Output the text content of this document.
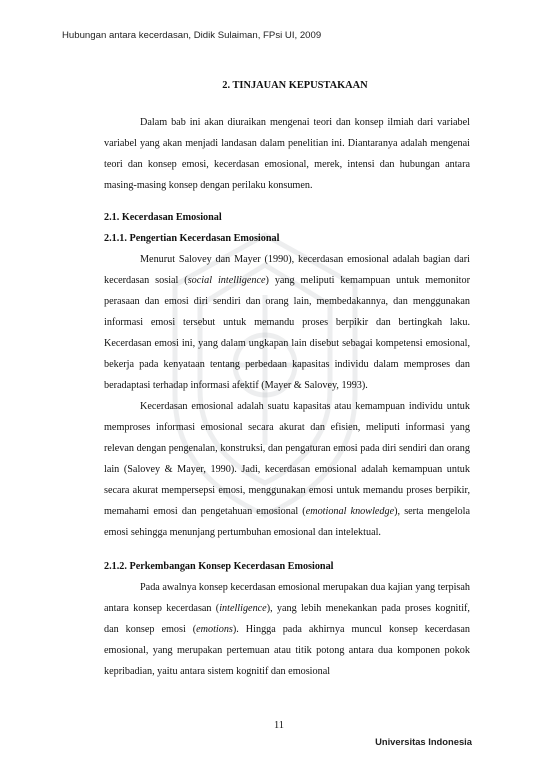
Hubungan antara kecerdasan, Didik Sulaiman, FPsi UI, 2009
2. TINJAUAN KEPUSTAKAAN

Dalam bab ini akan diuraikan mengenai teori dan konsep ilmiah dari variabel variabel yang akan menjadi landasan dalam penelitian ini. Diantaranya adalah mengenai teori dan konsep emosi, kecerdasan emosional, merek, intensi dan hubungan antara masing-masing konsep dengan perilaku konsumen.

2.1. Kecerdasan Emosional

2.1.1. Pengertian Kecerdasan Emosional

Menurut Salovey dan Mayer (1990), kecerdasan emosional adalah bagian dari kecerdasan sosial (social intelligence) yang meliputi kemampuan untuk memonitor perasaan dan emosi diri sendiri dan orang lain, membedakannya, dan menggunakan informasi emosi tersebut untuk memandu proses berpikir dan bertingkah laku. Kecerdasan emosi ini, yang dalam ungkapan lain disebut sebagai kompetensi emosional, bekerja pada kenyataan tentang perbedaan kapasitas individu dalam memproses dan beradaptasi terhadap informasi afektif (Mayer & Salovey, 1993).

Kecerdasan emosional adalah suatu kapasitas atau kemampuan individu untuk memproses informasi emosional secara akurat dan efisien, meliputi informasi yang relevan dengan pengenalan, konstruksi, dan pengaturan emosi pada diri sendiri dan orang lain (Salovey & Mayer, 1990). Jadi, kecerdasan emosional adalah kemampuan untuk secara akurat mempersepsi emosi, menggunakan emosi untuk memandu proses berpikir, memahami emosi dan pengetahuan emosional (emotional knowledge), serta mengelola emosi sehingga menunjang pertumbuhan emosional dan intelektual.

2.1.2. Perkembangan Konsep Kecerdasan Emosional

Pada awalnya konsep kecerdasan emosional merupakan dua kajian yang terpisah antara konsep kecerdasan (intelligence), yang lebih menekankan pada proses kognitif, dan konsep emosi (emotions). Hingga pada akhirnya muncul konsep kecerdasan emosional, yang merupakan pertemuan atau titik potong antara dua komponen pokok kepribadian, yaitu antara sistem kognitif dan emosional

11
Universitas Indonesia
